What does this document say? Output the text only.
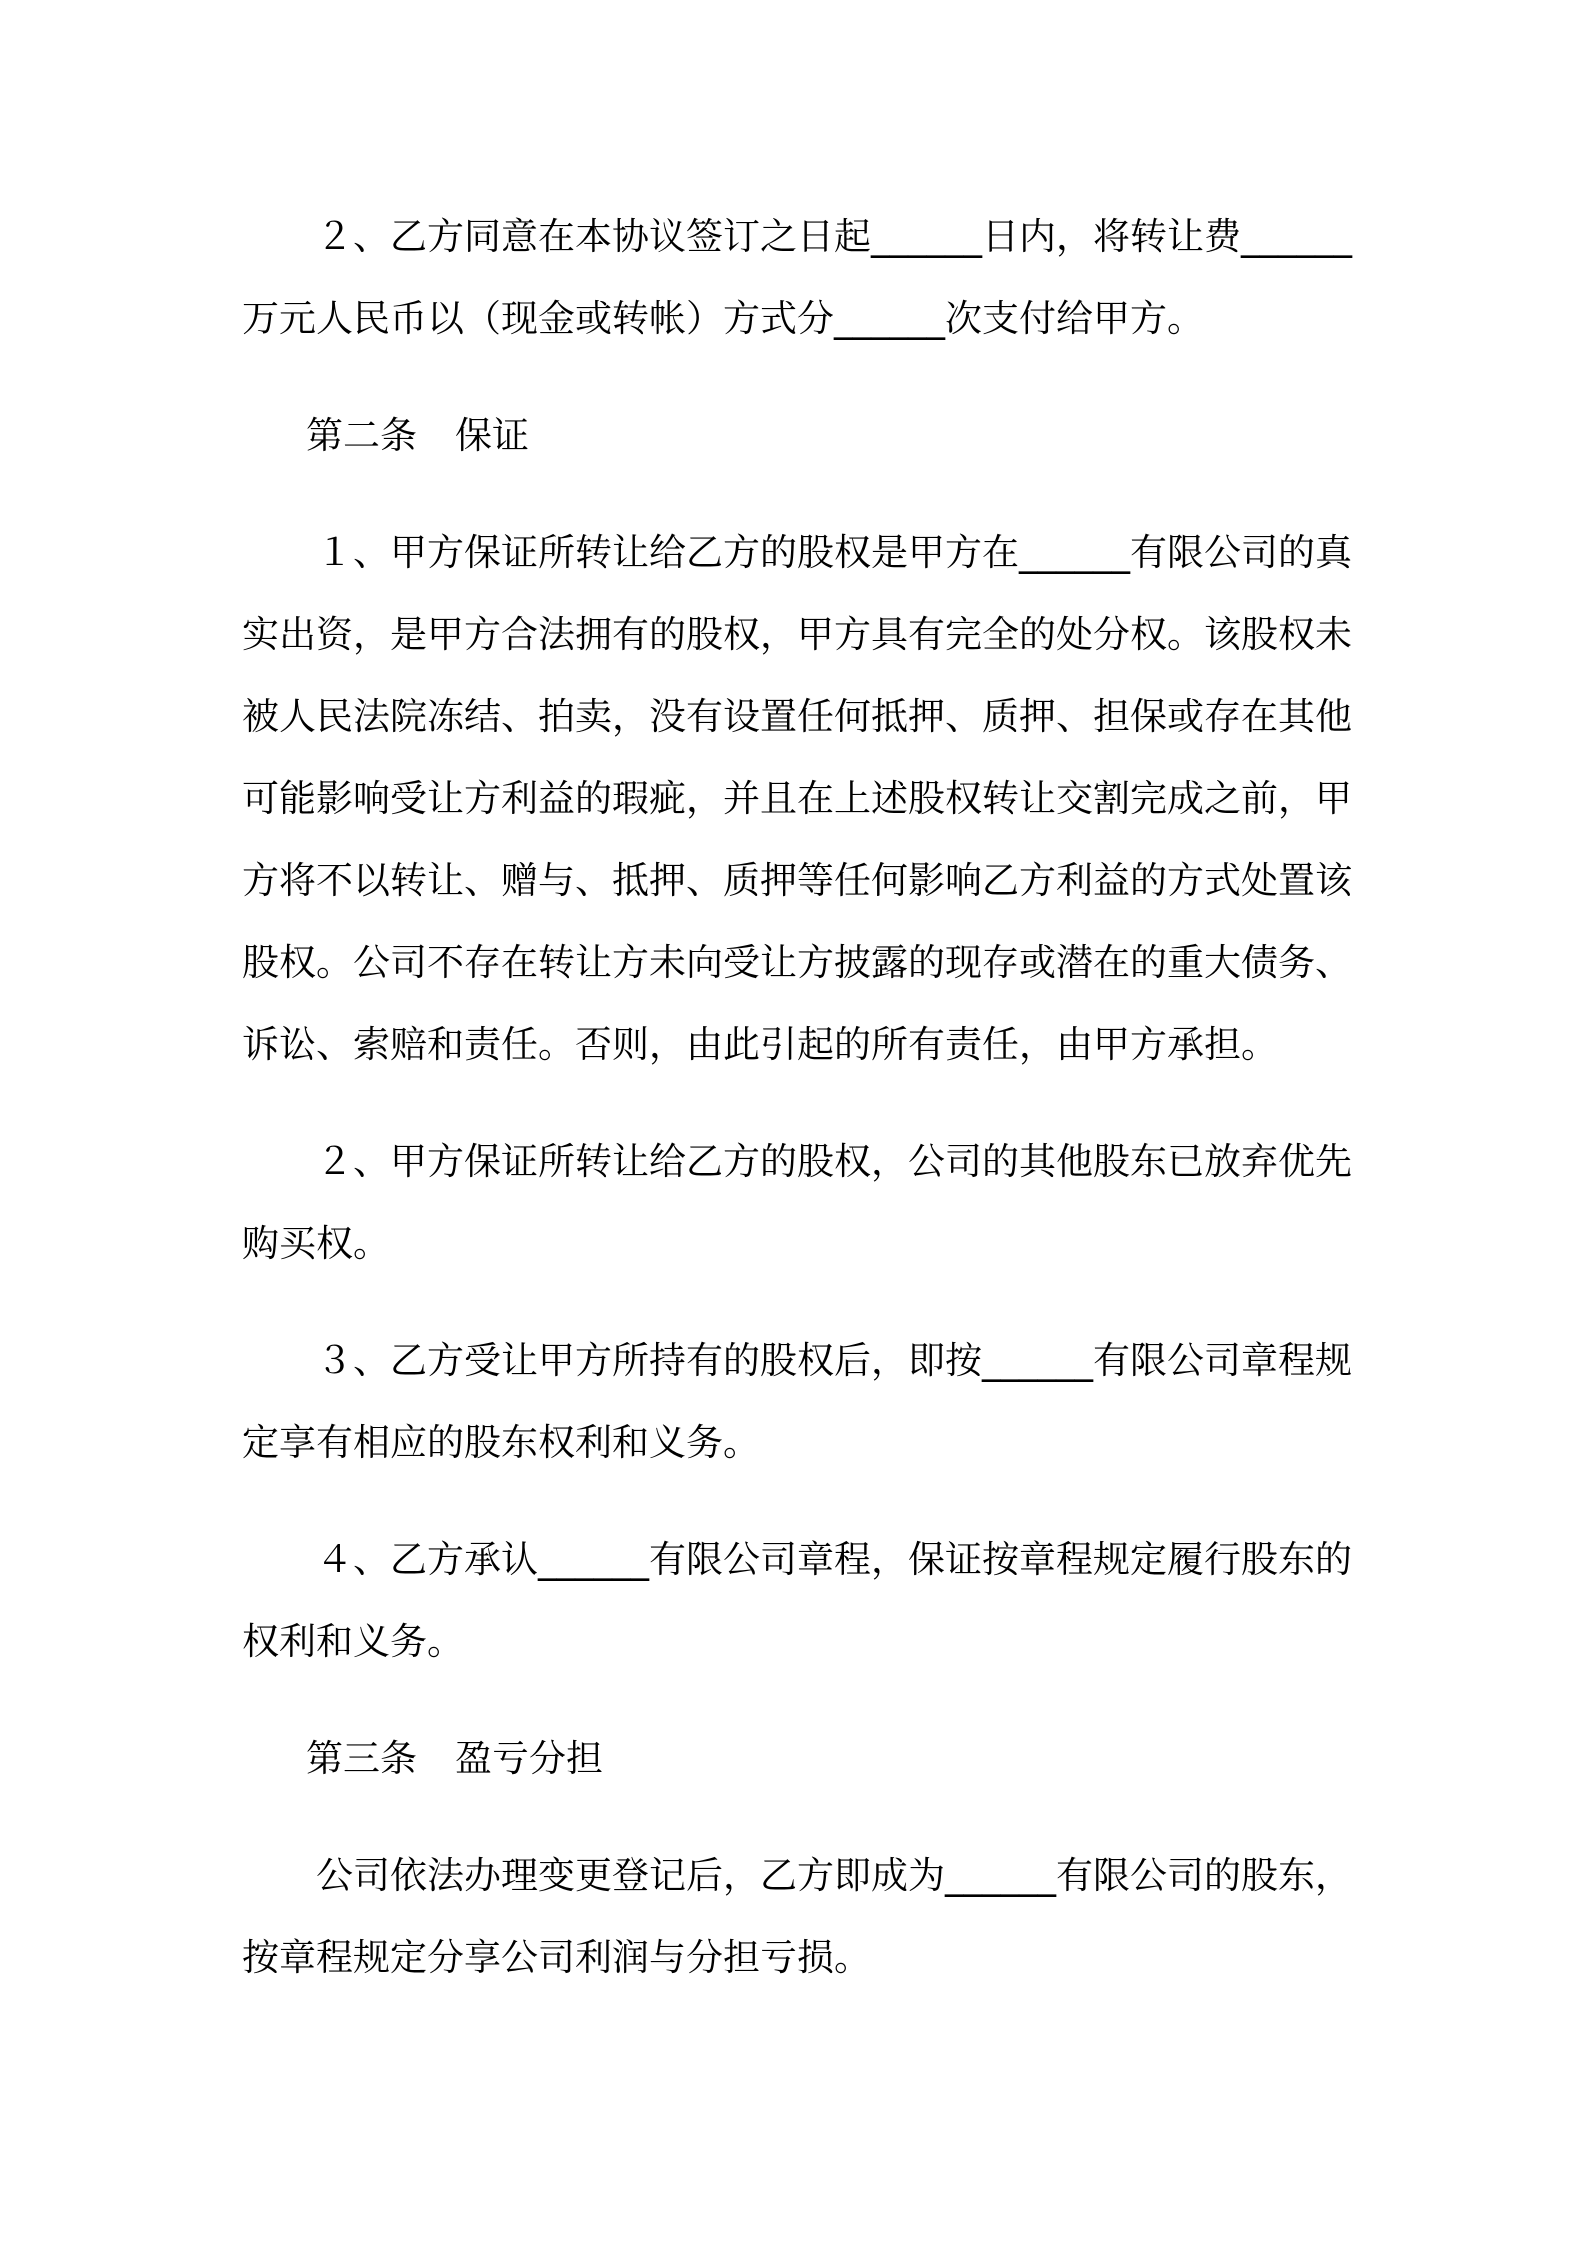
２、乙方同意在本协议签订之日起______日内，将转让费______万元人民币以（现金或转帐）方式分______次支付给甲方。

第二条 保证

１、甲方保证所转让给乙方的股权是甲方在______有限公司的真实出资，是甲方合法拥有的股权，甲方具有完全的处分权。该股权未被人民法院冻结、拍卖，没有设置任何抵押、质押、担保或存在其他可能影响受让方利益的瑕疵，并且在上述股权转让交割完成之前，甲方将不以转让、赠与、抵押、质押等任何影响乙方利益的方式处置该股权。公司不存在转让方未向受让方披露的现存或潜在的重大债务、诉讼、索赔和责任。否则，由此引起的所有责任，由甲方承担。

２、甲方保证所转让给乙方的股权，公司的其他股东已放弃优先购买权。

３、乙方受让甲方所持有的股权后，即按______有限公司章程规定享有相应的股东权利和义务。

４、乙方承认______有限公司章程，保证按章程规定履行股东的权利和义务。

第三条 盈亏分担

公司依法办理变更登记后，乙方即成为______有限公司的股东，按章程规定分享公司利润与分担亏损。
